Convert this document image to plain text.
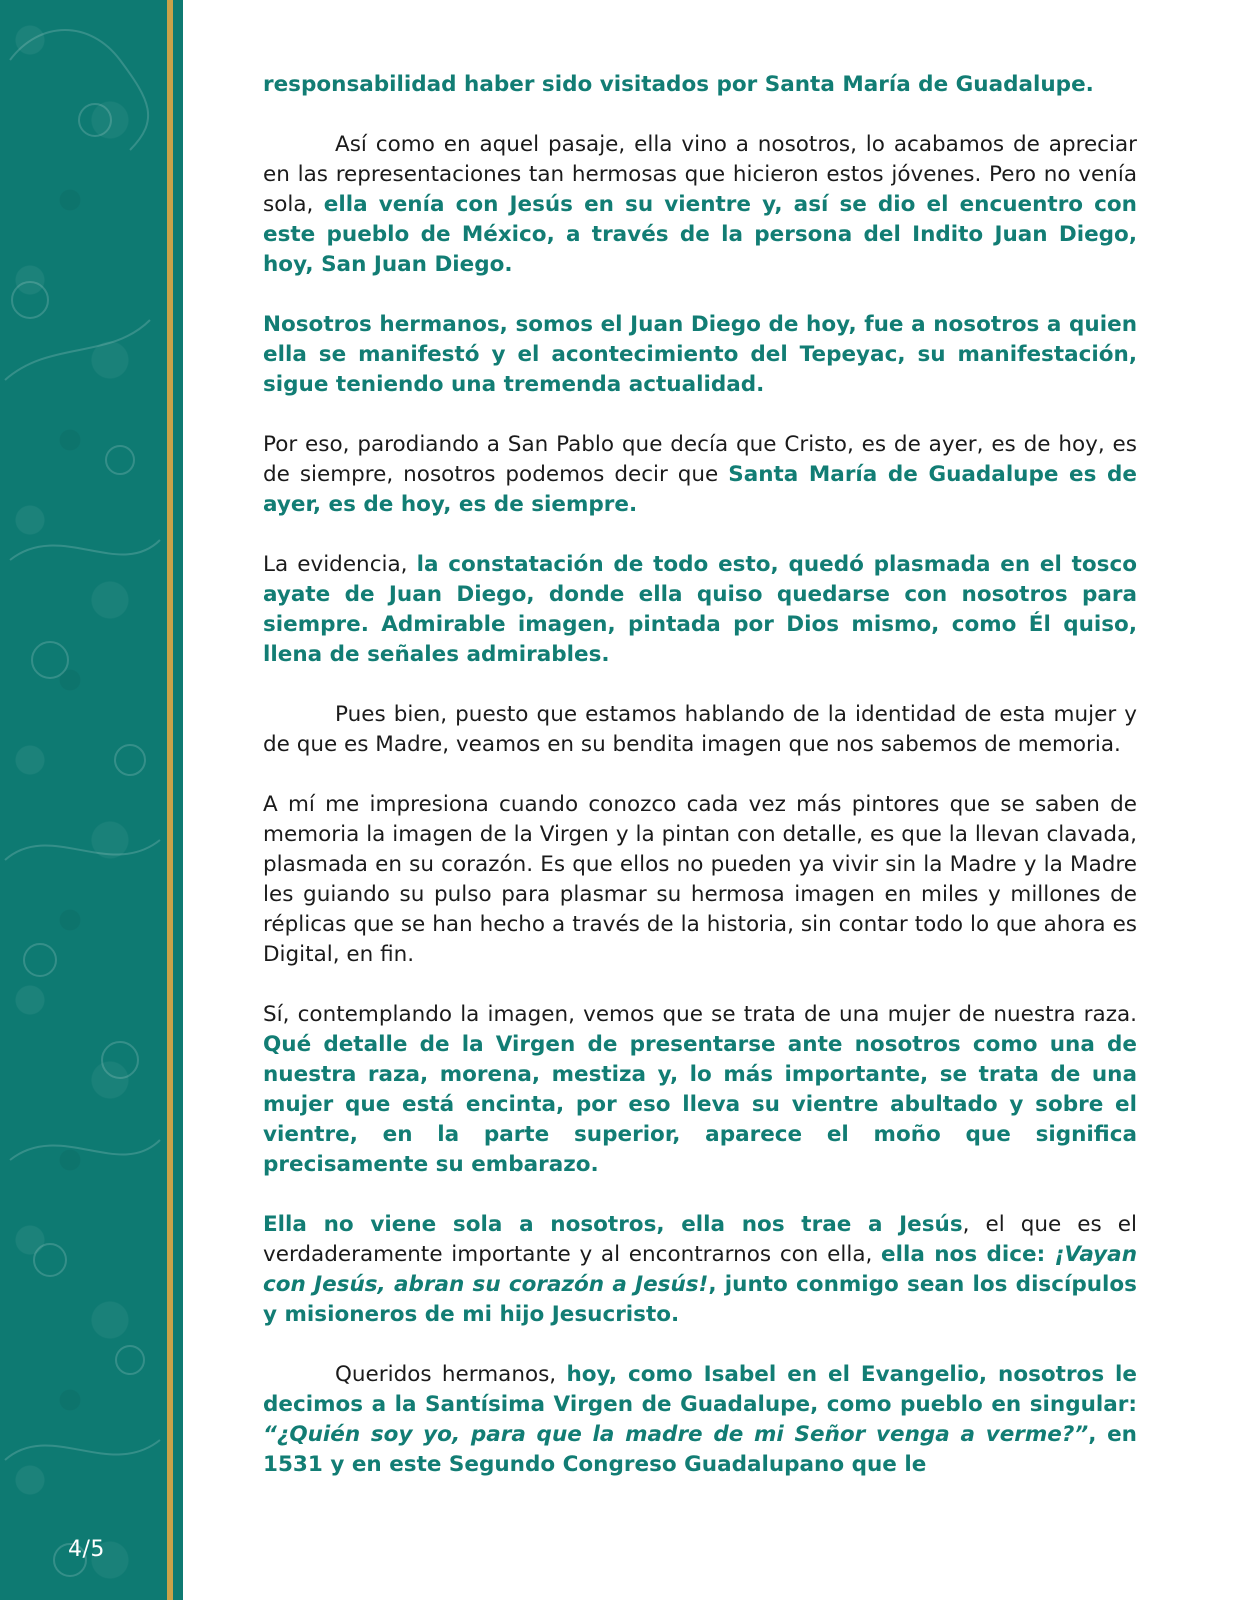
4/5

responsabilidad haber sido visitados por Santa María de Guadalupe.

Así como en aquel pasaje, ella vino a nosotros, lo acabamos de apreciar en las representaciones tan hermosas que hicieron estos jóvenes. Pero no venía sola, ella venía con Jesús en su vientre y, así se dio el encuentro con este pueblo de México, a través de la persona del Indito Juan Diego, hoy, San Juan Diego.

Nosotros hermanos, somos el Juan Diego de hoy, fue a nosotros a quien ella se manifestó y el acontecimiento del Tepeyac, su manifestación, sigue teniendo una tremenda actualidad.

Por eso, parodiando a San Pablo que decía que Cristo, es de ayer, es de hoy, es de siempre, nosotros podemos decir que Santa María de Guadalupe es de ayer, es de hoy, es de siempre.

La evidencia, la constatación de todo esto, quedó plasmada en el tosco ayate de Juan Diego, donde ella quiso quedarse con nosotros para siempre. Admirable imagen, pintada por Dios mismo, como Él quiso, llena de señales admirables.

Pues bien, puesto que estamos hablando de la identidad de esta mujer y de que es Madre, veamos en su bendita imagen que nos sabemos de memoria.

A mí me impresiona cuando conozco cada vez más pintores que se saben de memoria la imagen de la Virgen y la pintan con detalle, es que la llevan clavada, plasmada en su corazón. Es que ellos no pueden ya vivir sin la Madre y la Madre les guiando su pulso para plasmar su hermosa imagen en miles y millones de réplicas que se han hecho a través de la historia, sin contar todo lo que ahora es Digital, en fin.

Sí, contemplando la imagen, vemos que se trata de una mujer de nuestra raza. Qué detalle de la Virgen de presentarse ante nosotros como una de nuestra raza, morena, mestiza y, lo más importante, se trata de una mujer que está encinta, por eso lleva su vientre abultado y sobre el vientre, en la parte superior, aparece el moño que significa precisamente su embarazo.

Ella no viene sola a nosotros, ella nos trae a Jesús, el que es el verdaderamente importante y al encontrarnos con ella, ella nos dice: ¡Vayan con Jesús, abran su corazón a Jesús!, junto conmigo sean los discípulos y misioneros de mi hijo Jesucristo.

Queridos hermanos, hoy, como Isabel en el Evangelio, nosotros le decimos a la Santísima Virgen de Guadalupe, como pueblo en singular: “¿Quién soy yo, para que la madre de mi Señor venga a verme?”, en 1531 y en este Segundo Congreso Guadalupano que le
